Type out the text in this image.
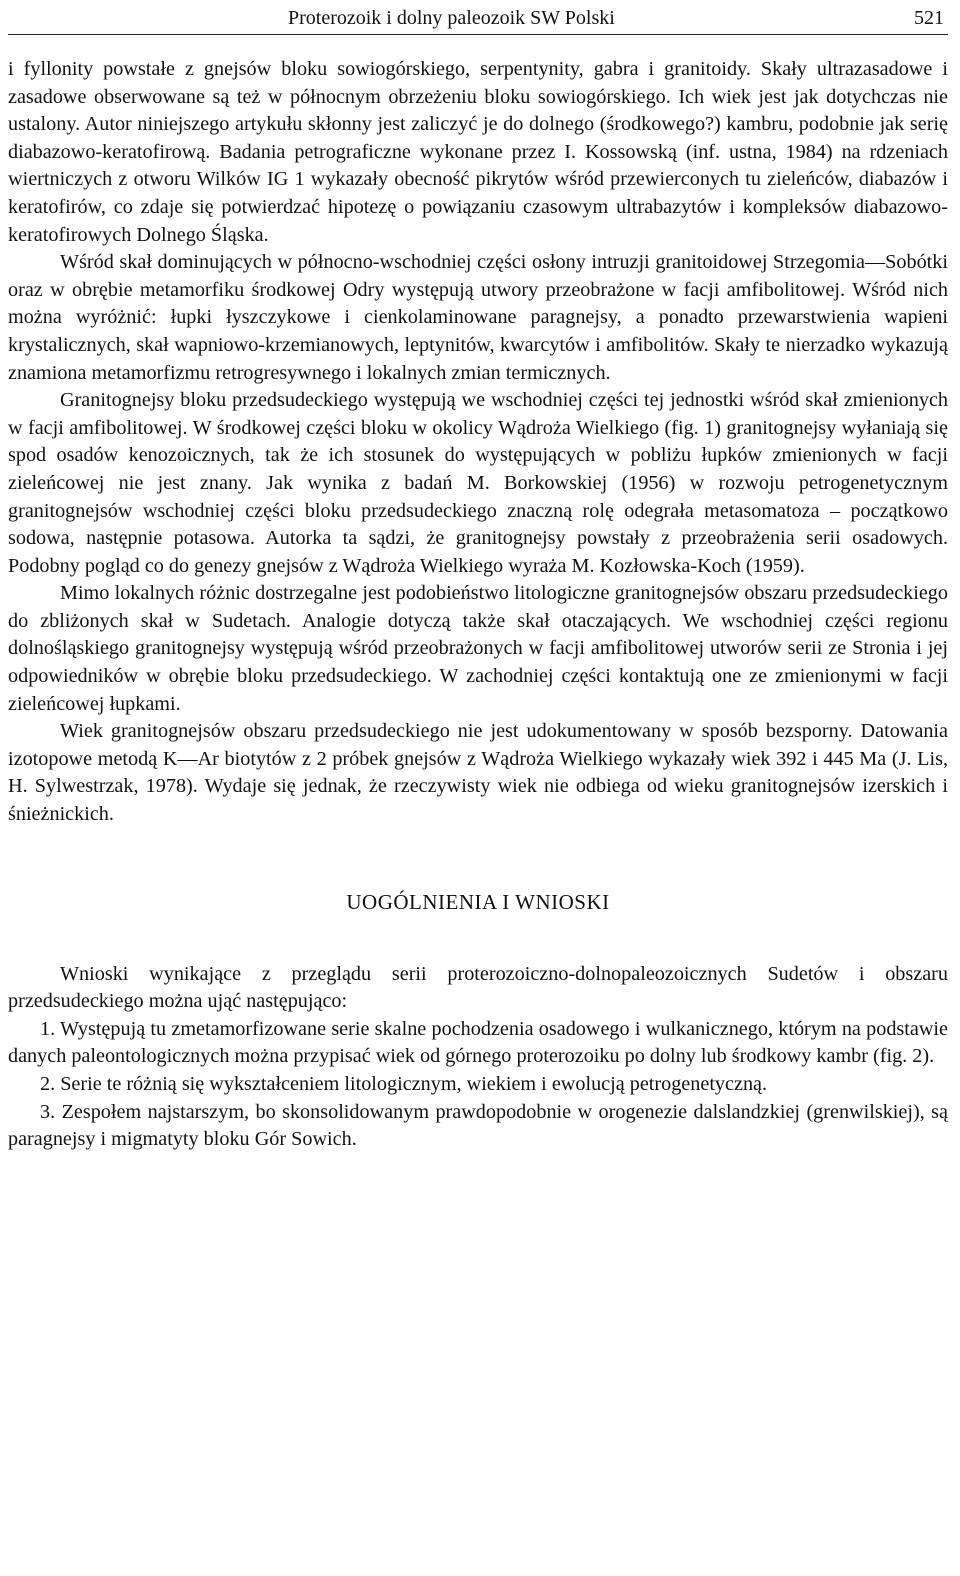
Proterozoik i dolny paleozoik SW Polski	521

i fyllonity powstałe z gnejsów bloku sowiogórskiego, serpentynity, gabra i granitoidy. Skały ultrazasadowe i zasadowe obserwowane są też w północnym obrzeżeniu bloku sowiogórskiego. Ich wiek jest jak dotychczas nie ustalony. Autor niniejszego artykułu skłonny jest zaliczyć je do dolnego (środkowego?) kambru, podobnie jak serię diabazowo-keratofirową. Badania petrograficzne wykonane przez I. Kossowską (inf. ustna, 1984) na rdzeniach wiertniczych z otworu Wilków IG 1 wykazały obecność pikrytów wśród przewierconych tu zieleńców, diabazów i keratofirów, co zdaje się potwierdzać hipotezę o powiązaniu czasowym ultrabazytów i kompleksów diabazowo-keratofirowych Dolnego Śląska.

Wśród skał dominujących w północno-wschodniej części osłony intruzji granitoidowej Strzegomia—Sobótki oraz w obrębie metamorfiku środkowej Odry występują utwory przeobrażone w facji amfibolitowej. Wśród nich można wyróżnić: łupki łyszczykowe i cienkolaminowane paragnejsy, a ponadto przewarstwienia wapieni krystalicznych, skał wapniowo-krzemianowych, leptynitów, kwarcytów i amfibolitów. Skały te nierzadko wykazują znamiona metamorfizmu retrogresywnego i lokalnych zmian termicznych.

Granitognejsy bloku przedsudeckiego występują we wschodniej części tej jednostki wśród skał zmienionych w facji amfibolitowej. W środkowej części bloku w okolicy Wądroża Wielkiego (fig. 1) granitognejsy wyłaniają się spod osadów kenozoicznych, tak że ich stosunek do występujących w pobliżu łupków zmienionych w facji zieleńcowej nie jest znany. Jak wynika z badań M. Borkowskiej (1956) w rozwoju petrogenetycznym granitognejsów wschodniej części bloku przedsudeckiego znaczną rolę odegrała metasomatoza – początkowo sodowa, następnie potasowa. Autorka ta sądzi, że granitognejsy powstały z przeobrażenia serii osadowych. Podobny pogląd co do genezy gnejsów z Wądroża Wielkiego wyraża M. Kozłowska-Koch (1959).

Mimo lokalnych różnic dostrzegalne jest podobieństwo litologiczne granitognejsów obszaru przedsudeckiego do zbliżonych skał w Sudetach. Analogie dotyczą także skał otaczających. We wschodniej części regionu dolnośląskiego granitognejsy występują wśród przeobrażonych w facji amfibolitowej utworów serii ze Stronia i jej odpowiedników w obrębie bloku przedsudeckiego. W zachodniej części kontaktują one ze zmienionymi w facji zieleńcowej łupkami.

Wiek granitognejsów obszaru przedsudeckiego nie jest udokumentowany w sposób bezsporny. Datowania izotopowe metodą K—Ar biotytów z 2 próbek gnejsów z Wądroża Wielkiego wykazały wiek 392 i 445 Ma (J. Lis, H. Sylwestrzak, 1978). Wydaje się jednak, że rzeczywisty wiek nie odbiega od wieku granitognejsów izerskich i śnieżnickich.

UOGÓLNIENIA I WNIOSKI

Wnioski wynikające z przeglądu serii proterozoiczno-dolnopaleozoicznych Sudetów i obszaru przedsudeckiego można ująć następująco:

1. Występują tu zmetamorfizowane serie skalne pochodzenia osadowego i wulkanicznego, którym na podstawie danych paleontologicznych można przypisać wiek od górnego proterozoiku po dolny lub środkowy kambr (fig. 2).

2. Serie te różnią się wykształceniem litologicznym, wiekiem i ewolucją petrogenetyczną.

3. Zespołem najstarszym, bo skonsolidowanym prawdopodobnie w orogenezie dalslandzkiej (grenwilskiej), są paragnejsy i migmatyty bloku Gór Sowich.
